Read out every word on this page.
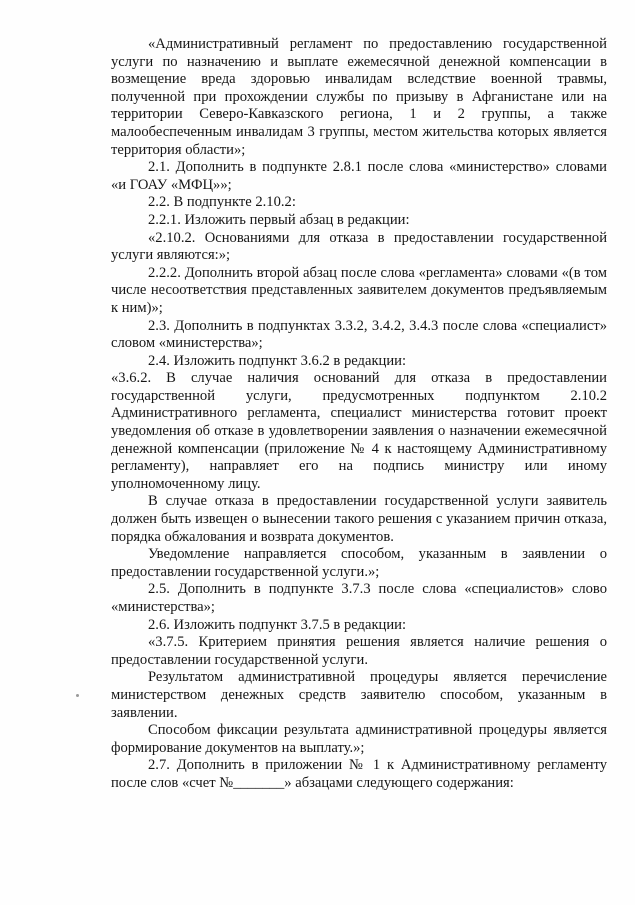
«Административный регламент по предоставлению государственной услуги по назначению и выплате ежемесячной денежной компенсации в возмещение вреда здоровью инвалидам вследствие военной травмы, полученной при прохождении службы по призыву в Афганистане или на территории Северо-Кавказского региона, 1 и 2 группы, а также малообеспеченным инвалидам 3 группы, местом жительства которых является территория области»;

2.1. Дополнить в подпункте 2.8.1 после слова «министерство» словами «и ГОАУ «МФЦ»»;

2.2. В подпункте 2.10.2:

2.2.1. Изложить первый абзац в редакции:

«2.10.2. Основаниями для отказа в предоставлении государственной услуги являются:»;

2.2.2. Дополнить второй абзац после слова «регламента» словами «(в том числе несоответствия представленных заявителем документов предъявляемым к ним)»;

2.3. Дополнить в подпунктах 3.3.2, 3.4.2, 3.4.3 после слова «специалист» словом «министерства»;

2.4. Изложить подпункт 3.6.2 в редакции:

«3.6.2. В случае наличия оснований для отказа в предоставлении государственной услуги, предусмотренных подпунктом 2.10.2 Административного регламента, специалист министерства готовит проект уведомления об отказе в удовлетворении заявления о назначении ежемесячной денежной компенсации (приложение № 4 к настоящему Административному регламенту), направляет его на подпись министру или иному уполномоченному лицу.

В случае отказа в предоставлении государственной услуги заявитель должен быть извещен о вынесении такого решения с указанием причин отказа, порядка обжалования и возврата документов.

Уведомление направляется способом, указанным в заявлении о предоставлении государственной услуги.»;

2.5. Дополнить в подпункте 3.7.3 после слова «специалистов» слово «министерства»;

2.6. Изложить подпункт 3.7.5 в редакции:

«3.7.5. Критерием принятия решения является наличие решения о предоставлении государственной услуги.

Результатом административной процедуры является перечисление министерством денежных средств заявителю способом, указанным в заявлении.

Способом фиксации результата административной процедуры является формирование документов на выплату.»;

2.7. Дополнить в приложении № 1 к Административному регламенту после слов «счет №_______» абзацами следующего содержания:
